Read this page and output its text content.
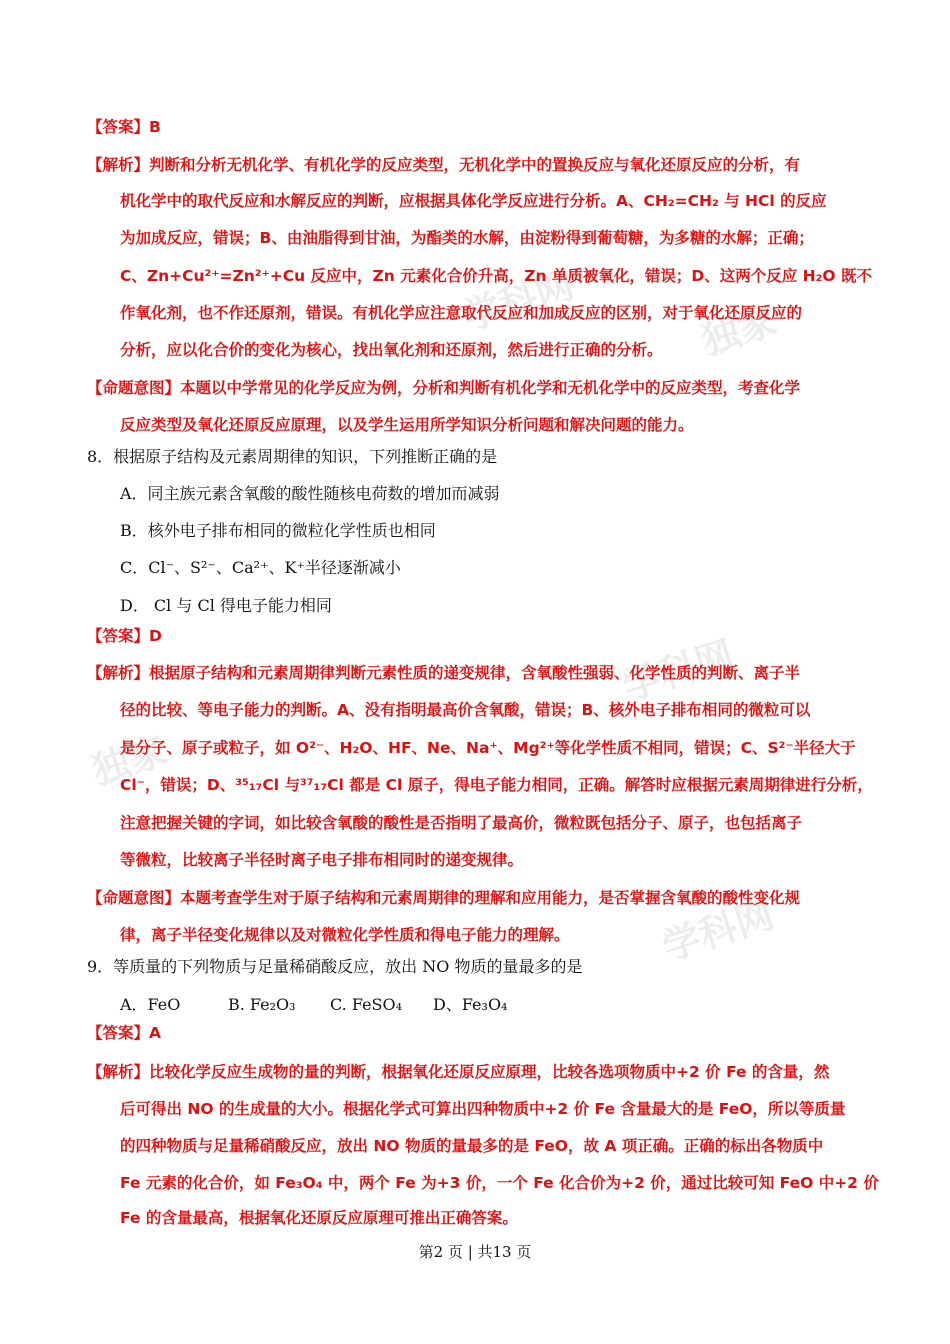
学科网
独家
学科网
独家
学科网
【答案】B
【解析】判断和分析无机化学、有机化学的反应类型，无机化学中的置换反应与氧化还原反应的分析，有
机化学中的取代反应和水解反应的判断，应根据具体化学反应进行分析。A、CH₂=CH₂ 与 HCl 的反应
为加成反应，错误；B、由油脂得到甘油，为酯类的水解，由淀粉得到葡萄糖，为多糖的水解；正确；
C、Zn+Cu²⁺=Zn²⁺+Cu 反应中，Zn 元素化合价升高，Zn 单质被氧化，错误；D、这两个反应 H₂O 既不
作氧化剂，也不作还原剂，错误。有机化学应注意取代反应和加成反应的区别，对于氧化还原反应的
分析，应以化合价的变化为核心，找出氧化剂和还原剂，然后进行正确的分析。
【命题意图】本题以中学常见的化学反应为例，分析和判断有机化学和无机化学中的反应类型，考查化学
反应类型及氧化还原反应原理，以及学生运用所学知识分析问题和解决问题的能力。
8．根据原子结构及元素周期律的知识，下列推断正确的是
A．同主族元素含氧酸的酸性随核电荷数的增加而减弱
B．核外电子排布相同的微粒化学性质也相同
C．Cl⁻、S²⁻、Ca²⁺、K⁺半径逐渐减小
D． Cl 与 Cl 得电子能力相同
【答案】D
【解析】根据原子结构和元素周期律判断元素性质的递变规律，含氧酸性强弱、化学性质的判断、离子半
径的比较、等电子能力的判断。A、没有指明最高价含氧酸，错误；B、核外电子排布相同的微粒可以
是分子、原子或粒子，如 O²⁻、H₂O、HF、Ne、Na⁺、Mg²⁺等化学性质不相同，错误；C、S²⁻半径大于
Cl⁻，错误；D、³⁵₁₇Cl 与³⁷₁₇Cl 都是 Cl 原子，得电子能力相同，正确。解答时应根据元素周期律进行分析，
注意把握关键的字词，如比较含氧酸的酸性是否指明了最高价，微粒既包括分子、原子，也包括离子
等微粒，比较离子半径时离子电子排布相同时的递变规律。
【命题意图】本题考查学生对于原子结构和元素周期律的理解和应用能力，是否掌握含氧酸的酸性变化规
律，离子半径变化规律以及对微粒化学性质和得电子能力的理解。
9．等质量的下列物质与足量稀硝酸反应，放出 NO 物质的量最多的是
A．FeO	B. Fe₂O₃ C. FeSO₄ D、Fe₃O₄
【答案】A
【解析】比较化学反应生成物的量的判断，根据氧化还原反应原理，比较各选项物质中+2 价 Fe 的含量，然
后可得出 NO 的生成量的大小。根据化学式可算出四种物质中+2 价 Fe 含量最大的是 FeO，所以等质量
的四种物质与足量稀硝酸反应，放出 NO 物质的量最多的是 FeO，故 A 项正确。正确的标出各物质中
Fe 元素的化合价，如 Fe₃O₄ 中，两个 Fe 为+3 价，一个 Fe 化合价为+2 价，通过比较可知 FeO 中+2 价
Fe 的含量最高，根据氧化还原反应原理可推出正确答案。
第2 页 | 共13 页
